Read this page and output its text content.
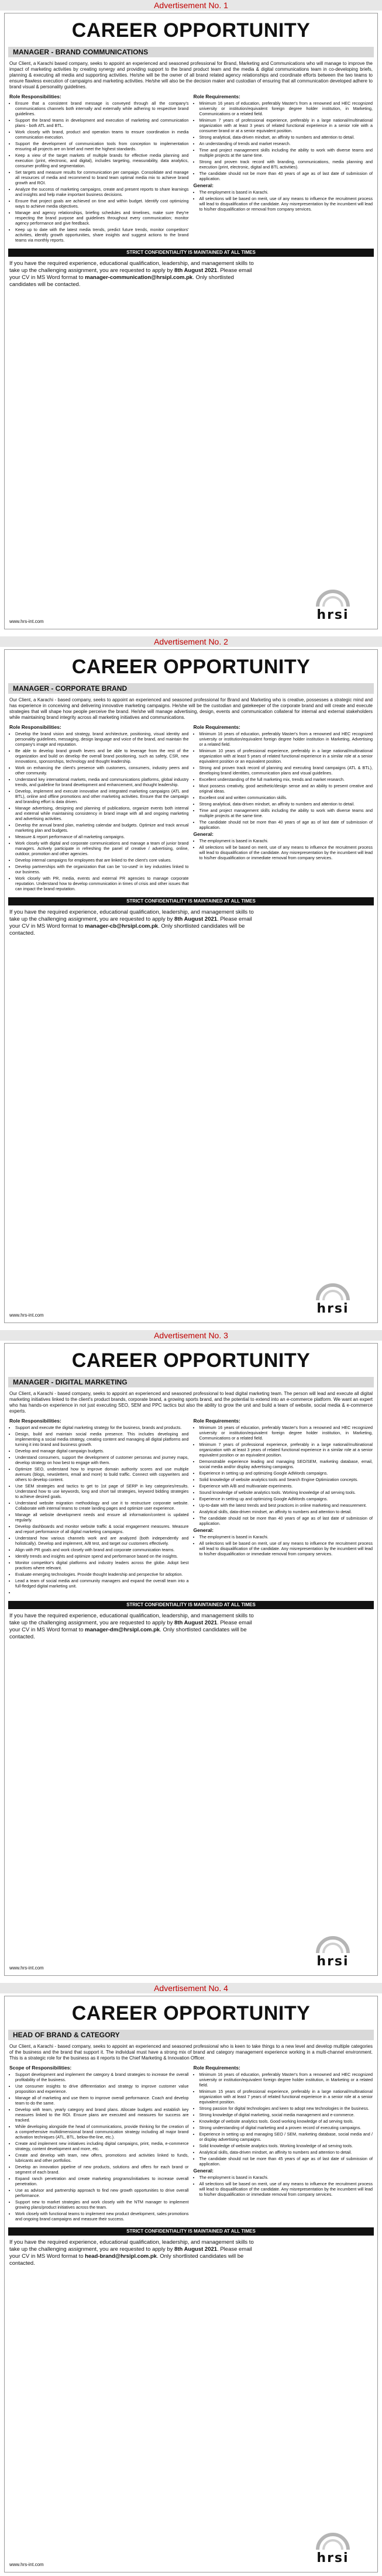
Advertisement No. 1
CAREER OPPORTUNITY
MANAGER - BRAND COMMUNICATIONS
Our Client, a Karachi based company, seeks to appoint an experienced and seasoned professional for Brand, Marketing and Communications who will manage to improve the impact of marketing activities by creating synergy and providing support to the brand product team and the media & digital communications team in co-developing briefs, planning & executing all media and supporting activities. He/she will be the owner of all brand related agency relationships and coordinate efforts between the two teams to ensure flawless execution of campaigns and marketing activities. He/she will also be the decision maker and custodian of ensuring that all communication developed adhere to brand visual & personality guidelines.
Role Responsibilities:
• Ensure that a consistent brand message is conveyed through all the company's communications channels both internally and externally while adhering to respective brand guidelines.
• Support the brand teams in development and execution of marketing and communication plans - both ATL and BTL.
• Work closely with brand, product and operation teams to ensure coordination in media communication execution.
• Support the development of communication tools from conception to implementation ensuring all projects are on brief and meet the highest standards.
• Keep a view of the target markets of multiple brands for effective media planning and execution (print, electronic, and digital), includes targeting, measurability, data analytics, consumer profiling and segmentation.
• Set targets and measure results for communication per campaign. Consolidate and manage all resources of media and recommend to brand team optimal media mix to achieve brand growth and ROI.
• Analyze the success of marketing campaigns, create and present reports to share learnings and insights and help make important business decisions.
• Ensure that project goals are achieved on time and within budget. Identify cost optimizing ways to achieve media objectives.
• Manage and agency relationships, briefing schedules and timelines, make sure they're respecting the brand purpose and guidelines throughout every communication; monitor agency performance and give feedback.
• Keep up to date with the latest media trends, predict future trends, monitor competitors' activities, identify growth opportunities, share insights and suggest actions to the brand teams via monthly reports.
Role Requirements:
• Minimum 16 years of education, preferably Master's from a renowned and HEC recognized university or institution/equivalent foreign degree holder institution, in Marketing, Communications or a related field.
• Minimum 7 years of professional experience, preferably in a large national/multinational organization with at least 3 years of related functional experience in a senior role with a consumer brand or at a senior equivalent position.
• Strong analytical, data-driven mindset, an affinity to numbers and attention to detail.
• An understanding of trends and market research.
• Time and project management skills including the ability to work with diverse teams and multiple projects at the same time.
• Strong and proven track record with branding, communications, media planning and execution (print, electronic, digital and BTL activities).
• The candidate should not be more than 40 years of age as of last date of submission of application.
General:
• The employment is based in Karachi.
• All selections will be based on merit, use of any means to influence the recruitment process will lead to disqualification of the candidate. Any misrepresentation by the incumbent will lead to his/her disqualification or removal from company services.
STRICT CONFIDENTIALITY IS MAINTAINED AT ALL TIMES
If you have the required experience, educational qualification, leadership, and management skills to take up the challenging assignment, you are requested to apply by 8th August 2021. Please email your CV in MS Word format to manager-communication@hrsipl.com.pk. Only shortlisted candidates will be contacted.
www.hrs-int.com	hrsi
Advertisement No. 2
CAREER OPPORTUNITY
MANAGER - CORPORATE BRAND
Our Client, a Karachi - based company, seeks to appoint an experienced and seasoned professional for Brand and Marketing who is creative, possesses a strategic mind and has experience in conceiving and delivering innovative marketing campaigns. He/she will be the custodian and gatekeeper of the corporate brand and will create and execute strategies that will shape how people perceive the brand. He/she will manage advertising, design, events and communication collateral for internal and external stakeholders while maintaining brand integrity across all marketing initiatives and communications.
Role Responsibilities:
• Develop the brand vision and strategy, brand architecture, positioning, visual identity and personality guidelines, messaging, design language and voice of the brand, and maintain the company's image and reputation.
• Be able to develop brand growth levers and be able to leverage from the rest of the organization and build on develop the overall brand positioning, such as safety, CSR, new innovations, sponsorships, technology and thought leadership.
• Work on enhancing the client's presence with customers, consumers, industry peers and other community.
• Understand key international markets, media and communications platforms, global industry trends, and guideline for brand development and enhancement, and thought leadership.
• Develop, implement and execute innovative and integrated marketing campaigns (ATL and BTL), online and offline promotions and other marketing activities. Ensure that the campaign and branding effort is data driven.
• Manage advertising, designing and planning of publications, organize events both internal and external while maintaining consistency in brand image with all and ongoing marketing and advertising activities.
• Develop the annual brand plan, marketing calendar and budgets. Optimize and track annual marketing plan and budgets.
• Measure & report performance of all marketing campaigns.
• Work closely with digital and corporate communications and manage a team of junior brand managers. Actively participate in refreshing the panel of creative / advertising, online, outdoor, promotion and other agencies.
• Develop internal campaigns for employees that are linked to the client's core values.
• Develop partnerships with the organization that can be 'co-used' in key industries linked to our business.
• Work closely with PR, media, events and external PR agencies to manage corporate reputation. Understand how to develop communication in times of crisis and other issues that can impact the brand reputation.
Role Requirements:
• Minimum 16 years of education, preferably Master's from a renowned and HEC recognized university or institution/equivalent foreign degree holder institution in Marketing, Advertising or a related field.
• Minimum 10 years of professional experience, preferably in a large national/multinational organization with at least 5 years of related functional experience in a similar role at a senior equivalent position or an equivalent position.
• Strong and proven track record of planning and executing brand campaigns (ATL & BTL), developing brand identities, communication plans and visual guidelines.
• Excellent understanding of the full marketing mix, trends and market research.
• Must possess creativity, good aesthetic/design sense and an ability to present creative and original ideas.
• Excellent oral and written communication skills.
• Strong analytical, data-driven mindset, an affinity to numbers and attention to detail.
• Time and project management skills including the ability to work with diverse teams and multiple projects at the same time.
• The candidate should not be more than 40 years of age as of last date of submission of application.
General:
• The employment is based in Karachi.
• All selections will be based on merit, use of any means to influence the recruitment process will lead to disqualification of the candidate. Any misrepresentation by the incumbent will lead to his/her disqualification or immediate removal from company services.
STRICT CONFIDENTIALITY IS MAINTAINED AT ALL TIMES
If you have the required experience, educational qualification, leadership, and management skills to take up the challenging assignment, you are requested to apply by 8th August 2021. Please email your CV in MS Word format to manager-cb@hrsipl.com.pk. Only shortlisted candidates will be contacted.
www.hrs-int.com	hrsi
Advertisement No. 3
CAREER OPPORTUNITY
MANAGER - DIGITAL MARKETING
Our Client, a Karachi - based company, seeks to appoint an experienced and seasoned professional to lead digital marketing team. The person will lead and execute all digital marketing initiatives linked to the client's product brands, corporate brand, a growing sports brand, and the potential to extend into an e-commerce platform. We want an expert who has hands-on experience in not just executing SEO, SEM and PPC tactics but also the ability to grow the unit and build a team of website, social media & e-commerce experts.
Role Responsibilities:
• Support and execute the digital marketing strategy for the business, brands and products.
• Design, build and maintain social media presence. This includes developing and implementing a social media strategy, creating content and managing all digital platforms and turning it into brand and business growth.
• Develop and manage digital campaign budgets.
• Understand consumers, support the development of customer personas and journey maps, develop strategy on how best to engage with them.
• Optimize SEO, understand how to improve domain authority scores and use multiple avenues (blogs, newsletters, email and more) to build traffic. Connect with copywriters and others to develop content.
• Use SEM strategies and tactics to get to 1st page of SERP in key categories/results. Understand how to use keywords, long and short tail strategies, keyword bidding strategies to achieve desired goals.
• Understand website migration methodology and use it to restructure corporate website. Collaborate with internal teams to create landing pages and optimize user experience.
• Manage all website development needs and ensure all information/content is updated regularly.
• Develop dashboards and monitor website traffic & social engagement measures. Measure and report performance of all digital marketing campaigns.
• Understand how various channels work and are analyzed (both independently and holistically). Develop and implement, A/B test, and target our customers effectively.
• Align with PR goals and work closely with brand and corporate communication teams.
• Identify trends and insights and optimize spend and performance based on the insights.
• Monitor competitor's digital platforms and industry leaders across the globe. Adopt best practices where relevant.
• Evaluate emerging technologies. Provide thought leadership and perspective for adoption.
• Lead a team of social media and community managers and expand the overall team into a full-fledged digital marketing unit.
•
Role Requirements:
• Minimum 16 years of education, preferably Master's from a renowned and HEC recognized university or institution/equivalent foreign degree holder institution, in Marketing, Communications or a related field.
• Minimum 7 years of professional experience, preferably in a large national/multinational organization with at least 3 years of related functional experience in a similar role at a senior equivalent position or an equivalent position.
• Demonstrable experience leading and managing SEO/SEM, marketing database, email, social media and/or display advertising campaigns.
• Experience in setting up and optimizing Google AdWords campaigns.
• Solid knowledge of website analytics tools and Search Engine Optimization concepts.
• Experience with A/B and multivariate experiments.
• Sound knowledge of website analytics tools. Working knowledge of ad serving tools.
• Experience in setting up and optimizing Google AdWords campaigns.
• Up-to-date with the latest trends and best practices in online marketing and measurement.
• Analytical skills, data-driven mindset, an affinity to numbers and attention to detail.
• The candidate should not be more than 40 years of age as of last date of submission of application.
General:
• The employment is based in Karachi.
• All selections will be based on merit, use of any means to influence the recruitment process will lead to disqualification of the candidate. Any misrepresentation by the incumbent will lead to his/her disqualification or immediate removal from company services.
STRICT CONFIDENTIALITY IS MAINTAINED AT ALL TIMES
If you have the required experience, educational qualification, leadership, and management skills to take up the challenging assignment, you are requested to apply by 8th August 2021. Please email your CV in MS Word format to manager-dm@hrsipl.com.pk. Only shortlisted candidates will be contacted.
www.hrs-int.com	hrsi
Advertisement No. 4
CAREER OPPORTUNITY
HEAD OF BRAND & CATEGORY
Our Client, a Karachi - based company, seeks to appoint an experienced and seasoned professional who is keen to take things to a new level and develop multiple categories of the business and the brand that support it. The individual must have a strong mix of brand and category management experience working in a multi-channel environment. This is a strategic role for the business as it reports to the Chief Marketing & Innovation Officer.
Scope of Responsibilities:
• Support development and implement the category & brand strategies to increase the overall profitability of the business.
• Use consumer insights to drive differentiation and strategy to improve customer value proposition and experience.
• Manage all of marketing and use them to improve overall performance. Coach and develop team to do the same.
• Develop with team, yearly category and brand plans. Allocate budgets and establish key measures linked to the ROI. Ensure plans are executed and measures for success are tracked.
• While developing alongside the head of communications, provide thinking for the creation of a comprehensive multidimensional brand communication strategy including all major brand activation techniques (ATL, BTL, below-the-line, etc.).
• Create and implement new initiatives including digital campaigns, print, media, e-commerce strategy, content development and more, etc.
• Create and develop with team, new offers, promotions and activities linked to funds, lubricants and other portfolios.
• Develop an innovation pipeline of new products, solutions and offers for each brand or segment of each brand.
• Expand ranch penetration and create marketing programs/initiatives to increase overall penetration.
• Use as advisor and partnership approach to find new growth opportunities to drive overall performance.
• Support new to market strategies and work closely with the NTM manager to implement growing plans/product initiatives across the team.
• Work closely with functional teams to implement new product development, sales promotions and ongoing brand campaigns and measure their success.
Role Requirements:
• Minimum 16 years of education, preferably Master's from a renowned and HEC recognized university or institution/equivalent foreign degree holder institution, in Marketing or a related field.
• Minimum 15 years of professional experience, preferably in a large national/multinational organization with at least 7 years of related functional experience in a senior role at a senior equivalent position.
• Strong passion for digital technologies and keen to adopt new technologies in the business.
• Strong knowledge of digital marketing, social media management and e-commerce.
• Knowledge of website analytics tools. Good working knowledge of ad serving tools.
• Strong understanding of digital marketing and a proven record of executing campaigns.
• Experience in setting up and managing SEO / SEM, marketing database, social media and / or display advertising campaigns.
• Solid knowledge of website analytics tools. Working knowledge of ad serving tools.
• Analytical skills, data-driven mindset, an affinity to numbers and attention to detail.
• The candidate should not be more than 45 years of age as of last date of submission of application.
General:
• The employment is based in Karachi.
• All selections will be based on merit, use of any means to influence the recruitment process will lead to disqualification of the candidate. Any misrepresentation by the incumbent will lead to his/her disqualification or immediate removal from company services.
STRICT CONFIDENTIALITY IS MAINTAINED AT ALL TIMES
If you have the required experience, educational qualification, leadership, and management skills to take up the challenging assignment, you are requested to apply by 8th August 2021. Please email your CV in MS Word format to head-brand@hrsipl.com.pk. Only shortlisted candidates will be contacted.
www.hrs-int.com	hrsi
